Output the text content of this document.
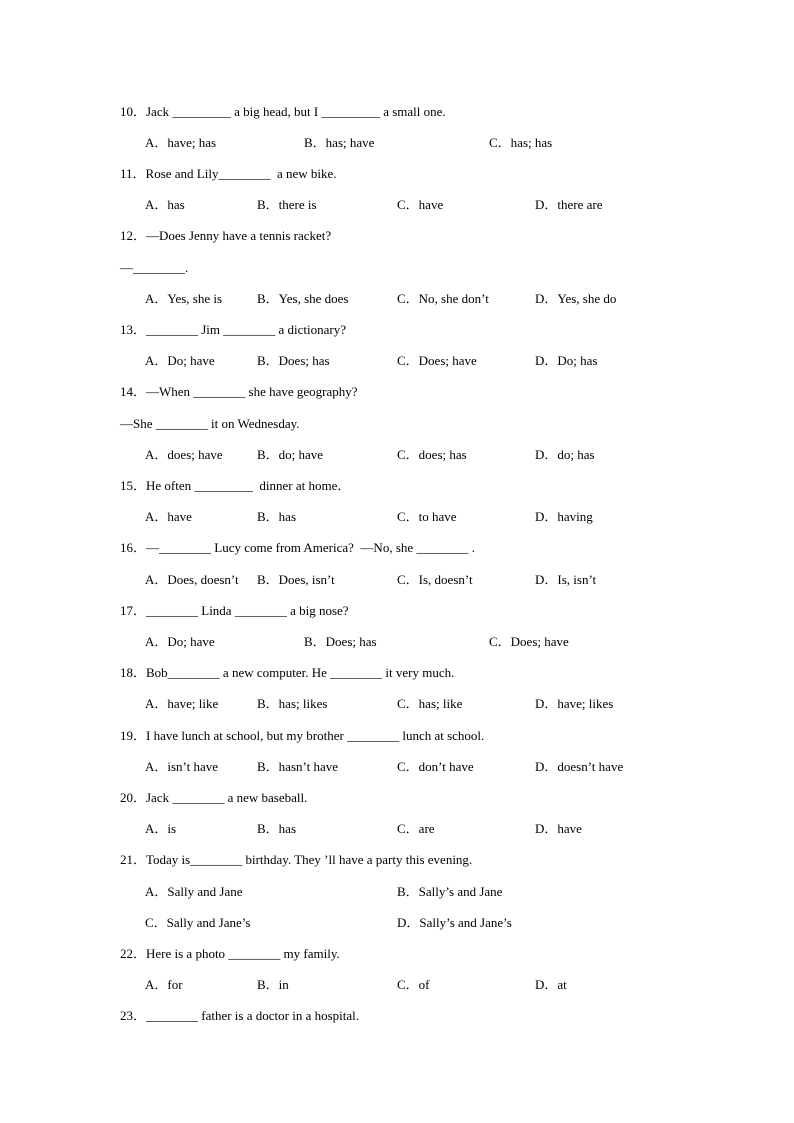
10．Jack _________ a big head, but I _________ a small one.
A．have; has	B．has; have	C．has; has
11．Rose and Lily________  a new bike.
A．has	B．there is	C．have	D．there are
12．—Does Jenny have a tennis racket?
—________.
A．Yes, she is	B．Yes, she does	C．No, she don’t	D．Yes, she do
13．________ Jim ________ a dictionary?
A．Do; have	B．Does; has	C．Does; have	D．Do; has
14．—When ________ she have geography?
—She ________ it on Wednesday.
A．does; have	B．do; have	C．does; has	D．do; has
15．He often _________  dinner at home．
A．have	B．has	C．to have	D．having
16．—________ Lucy come from America?  —No, she ________ .
A．Does, doesn’t B．Does, isn’t	C．Is, doesn’t	D．Is, isn’t
17．________ Linda ________ a big nose?
A．Do; have	B．Does; has	C．Does; have
18．Bob________ a new computer. He ________ it very much.
A．have; like	B．has; likes	C．has; like	D．have; likes
19．I have lunch at school, but my brother ________ lunch at school.
A．isn’t have	B．hasn’t have	C．don’t have	D．doesn’t have
20．Jack ________ a new baseball.
A．is	B．has	C．are	D．have
21．Today is________ birthday. They ’ll have a party this evening.
A．Sally and Jane	B．Sally’s and Jane
C．Sally and Jane’s	D．Sally’s and Jane’s
22．Here is a photo ________ my family.
A．for	B．in	C．of	D．at
23．________ father is a doctor in a hospital.
